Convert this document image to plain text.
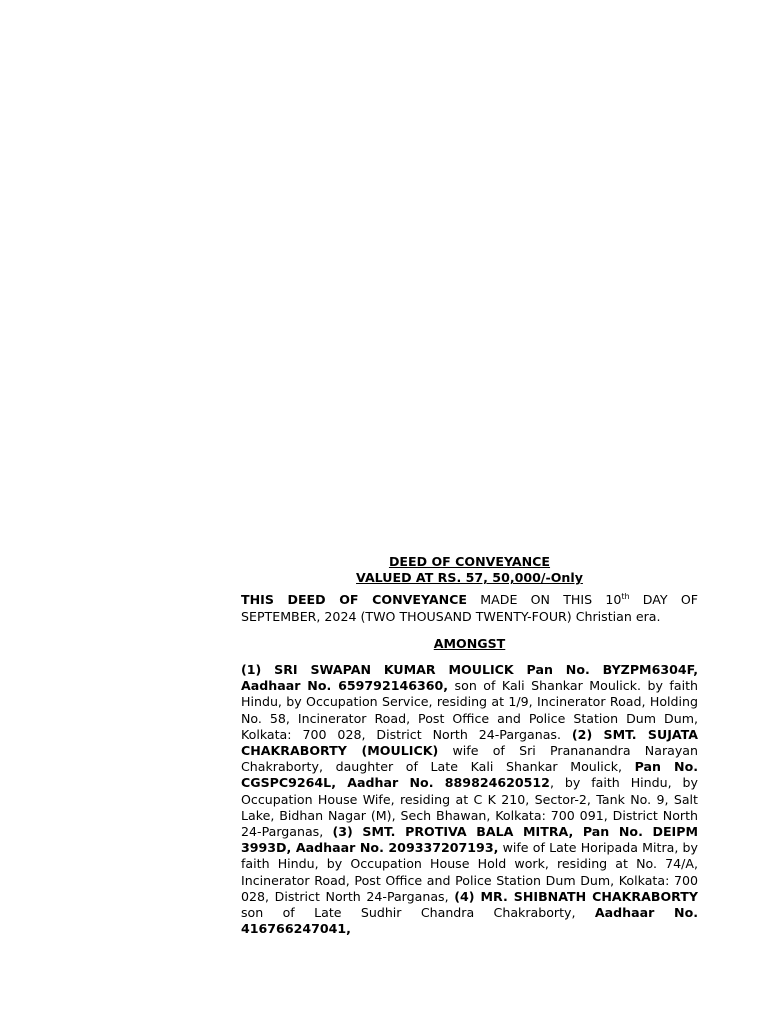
DEED OF CONVEYANCE

VALUED AT RS. 57, 50,000/-Only

THIS DEED OF CONVEYANCE MADE ON THIS 10th DAY OF SEPTEMBER, 2024 (TWO THOUSAND TWENTY-FOUR) Christian era.

AMONGST

(1) SRI SWAPAN KUMAR MOULICK Pan No. BYZPM6304F, Aadhaar No. 659792146360, son of Kali Shankar Moulick. by faith Hindu, by Occupation Service, residing at 1/9, Incinerator Road, Holding No. 58, Incinerator Road, Post Office and Police Station Dum Dum, Kolkata: 700 028, District North 24-Parganas. (2) SMT. SUJATA CHAKRABORTY (MOULICK) wife of Sri Prananandra Narayan Chakraborty, daughter of Late Kali Shankar Moulick, Pan No. CGSPC9264L, Aadhar No. 889824620512, by faith Hindu, by Occupation House Wife, residing at C K 210, Sector-2, Tank No. 9, Salt Lake, Bidhan Nagar (M), Sech Bhawan, Kolkata: 700 091, District North 24-Parganas, (3) SMT. PROTIVA BALA MITRA, Pan No. DEIPM 3993D, Aadhaar No. 209337207193, wife of Late Horipada Mitra, by faith Hindu, by Occupation House Hold work, residing at No. 74/A, Incinerator Road, Post Office and Police Station Dum Dum, Kolkata: 700 028, District North 24-Parganas, (4) MR. SHIBNATH CHAKRABORTY son of Late Sudhir Chandra Chakraborty, Aadhaar No. 416766247041,
